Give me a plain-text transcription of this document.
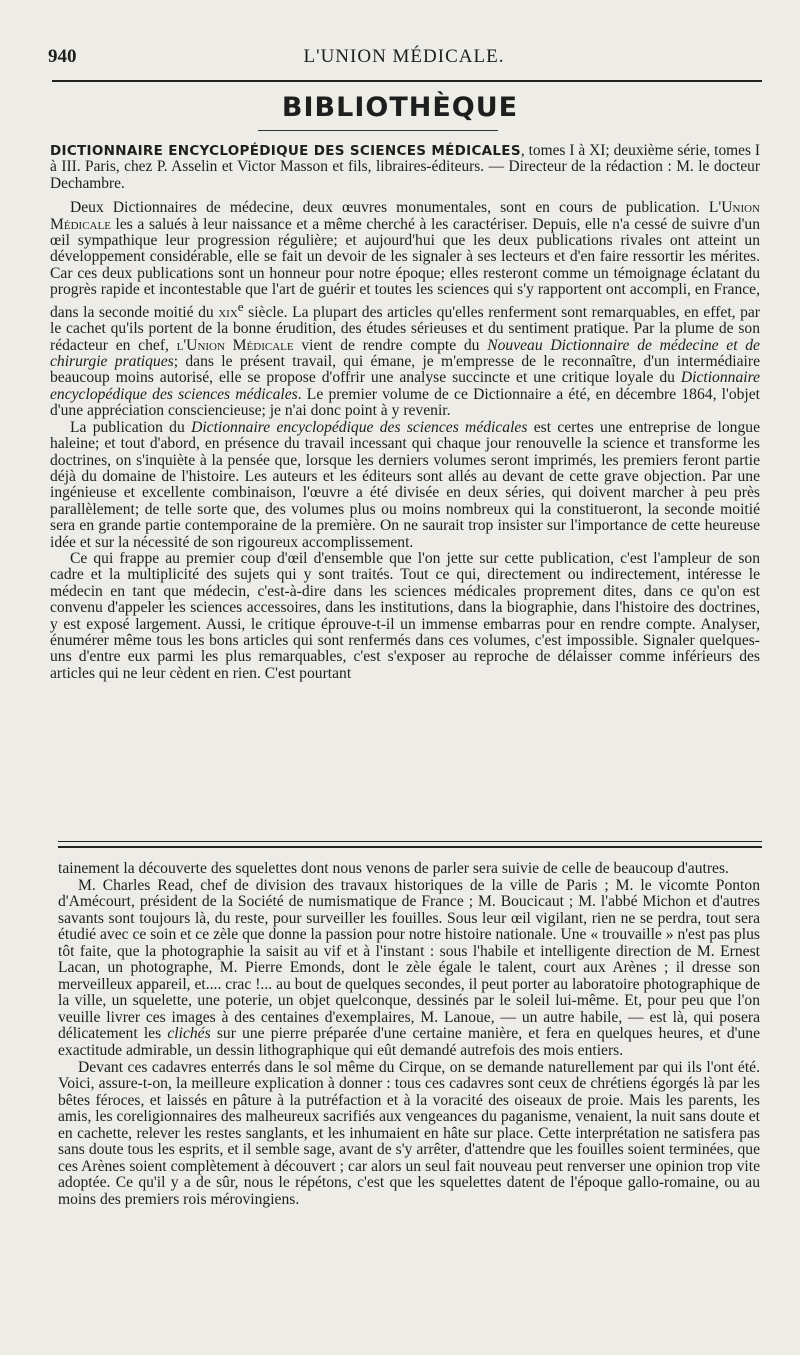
940	L'UNION MÉDICALE.
BIBLIOTHÈQUE

DICTIONNAIRE ENCYCLOPÉDIQUE DES SCIENCES MÉDICALES, tomes I à XI; deuxième série, tomes I à III. Paris, chez P. Asselin et Victor Masson et fils, libraires-éditeurs. — Directeur de la rédaction : M. le docteur Dechambre.

Deux Dictionnaires de médecine, deux œuvres monumentales, sont en cours de publication. L'Union Médicale les a salués à leur naissance et a même cherché à les caractériser. Depuis, elle n'a cessé de suivre d'un œil sympathique leur progression régulière; et aujourd'hui que les deux publications rivales ont atteint un développement considérable, elle se fait un devoir de les signaler à ses lecteurs et d'en faire ressortir les mérites. Car ces deux publications sont un honneur pour notre époque; elles resteront comme un témoignage éclatant du progrès rapide et incontestable que l'art de guérir et toutes les sciences qui s'y rapportent ont accompli, en France, dans la seconde moitié du xix$^e$ siècle. La plupart des articles qu'elles renferment sont remarquables, en effet, par le cachet qu'ils portent de la bonne érudition, des études sérieuses et du sentiment pratique. Par la plume de son rédacteur en chef, l'Union Médicale vient de rendre compte du Nouveau Dictionnaire de médecine et de chirurgie pratiques; dans le présent travail, qui émane, je m'empresse de le reconnaître, d'un intermédiaire beaucoup moins autorisé, elle se propose d'offrir une analyse succincte et une critique loyale du Dictionnaire encyclopédique des sciences médicales. Le premier volume de ce Dictionnaire a été, en décembre 1864, l'objet d'une appréciation consciencieuse; je n'ai donc point à y revenir.

La publication du Dictionnaire encyclopédique des sciences médicales est certes une entreprise de longue haleine; et tout d'abord, en présence du travail incessant qui chaque jour renouvelle la science et transforme les doctrines, on s'inquiète à la pensée que, lorsque les derniers volumes seront imprimés, les premiers feront partie déjà du domaine de l'histoire. Les auteurs et les éditeurs sont allés au devant de cette grave objection. Par une ingénieuse et excellente combinaison, l'œuvre a été divisée en deux séries, qui doivent marcher à peu près parallèlement; de telle sorte que, des volumes plus ou moins nombreux qui la constitueront, la seconde moitié sera en grande partie contemporaine de la première. On ne saurait trop insister sur l'importance de cette heureuse idée et sur la nécessité de son rigoureux accomplissement.

Ce qui frappe au premier coup d'œil d'ensemble que l'on jette sur cette publication, c'est l'ampleur de son cadre et la multiplicité des sujets qui y sont traités. Tout ce qui, directement ou indirectement, intéresse le médecin en tant que médecin, c'est-à-dire dans les sciences médicales proprement dites, dans ce qu'on est convenu d'appeler les sciences accessoires, dans les institutions, dans la biographie, dans l'histoire des doctrines, y est exposé largement. Aussi, le critique éprouve-t-il un immense embarras pour en rendre compte. Analyser, énumérer même tous les bons articles qui sont renfermés dans ces volumes, c'est impossible. Signaler quelques-uns d'entre eux parmi les plus remarquables, c'est s'exposer au reproche de délaisser comme inférieurs des articles qui ne leur cèdent en rien. C'est pourtant

tainement la découverte des squelettes dont nous venons de parler sera suivie de celle de beaucoup d'autres.

M. Charles Read, chef de division des travaux historiques de la ville de Paris ; M. le vicomte Ponton d'Amécourt, président de la Société de numismatique de France ; M. Boucicaut ; M. l'abbé Michon et d'autres savants sont toujours là, du reste, pour surveiller les fouilles. Sous leur œil vigilant, rien ne se perdra, tout sera étudié avec ce soin et ce zèle que donne la passion pour notre histoire nationale. Une « trouvaille » n'est pas plus tôt faite, que la photographie la saisit au vif et à l'instant : sous l'habile et intelligente direction de M. Ernest Lacan, un photographe, M. Pierre Emonds, dont le zèle égale le talent, court aux Arènes ; il dresse son merveilleux appareil, et.... crac !... au bout de quelques secondes, il peut porter au laboratoire photographique de la ville, un squelette, une poterie, un objet quelconque, dessinés par le soleil lui-même. Et, pour peu que l'on veuille livrer ces images à des centaines d'exemplaires, M. Lanoue, — un autre habile, — est là, qui posera délicatement les clichés sur une pierre préparée d'une certaine manière, et fera en quelques heures, et d'une exactitude admirable, un dessin lithographique qui eût demandé autrefois des mois entiers.

Devant ces cadavres enterrés dans le sol même du Cirque, on se demande naturellement par qui ils l'ont été. Voici, assure-t-on, la meilleure explication à donner : tous ces cadavres sont ceux de chrétiens égorgés là par les bêtes féroces, et laissés en pâture à la putréfaction et à la voracité des oiseaux de proie. Mais les parents, les amis, les coreligionnaires des malheureux sacrifiés aux vengeances du paganisme, venaient, la nuit sans doute et en cachette, relever les restes sanglants, et les inhumaient en hâte sur place. Cette interprétation ne satisfera pas sans doute tous les esprits, et il semble sage, avant de s'y arrêter, d'attendre que les fouilles soient terminées, que ces Arènes soient complètement à découvert ; car alors un seul fait nouveau peut renverser une opinion trop vite adoptée. Ce qu'il y a de sûr, nous le répétons, c'est que les squelettes datent de l'époque gallo-romaine, ou au moins des premiers rois mérovingiens.
